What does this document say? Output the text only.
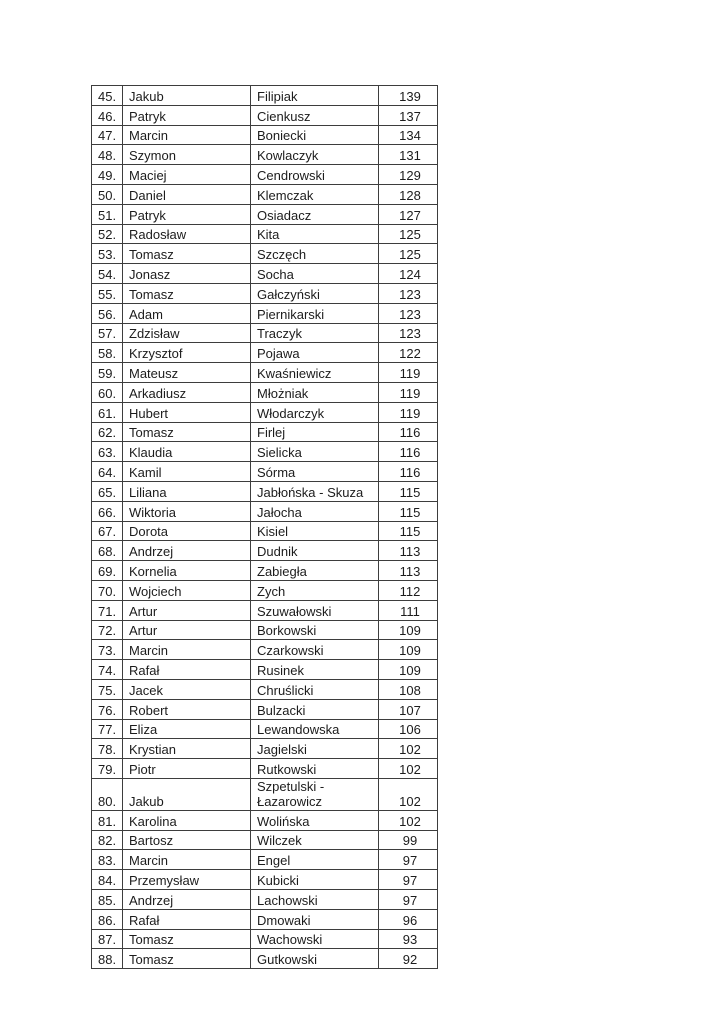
45.	Jakub	Filipiak	139
46.	Patryk	Cienkusz	137
47.	Marcin	Boniecki	134
48.	Szymon	Kowlaczyk	131
49.	Maciej	Cendrowski	129
50.	Daniel	Klemczak	128
51.	Patryk	Osiadacz	127
52.	Radosław	Kita	125
53.	Tomasz	Szczęch	125
54.	Jonasz	Socha	124
55.	Tomasz	Gałczyński	123
56.	Adam	Piernikarski	123
57.	Zdzisław	Traczyk	123
58.	Krzysztof	Pojawa	122
59.	Mateusz	Kwaśniewicz	119
60.	Arkadiusz	Młożniak	119
61.	Hubert	Włodarczyk	119
62.	Tomasz	Firlej	116
63.	Klaudia	Sielicka	116
64.	Kamil	Sórma	116
65.	Liliana	Jabłońska - Skuza	115
66.	Wiktoria	Jałocha	115
67.	Dorota	Kisiel	115
68.	Andrzej	Dudnik	113
69.	Kornelia	Zabiegła	113
70.	Wojciech	Zych	112
71.	Artur	Szuwałowski	111
72.	Artur	Borkowski	109
73.	Marcin	Czarkowski	109
74.	Rafał	Rusinek	109
75.	Jacek	Chruślicki	108
76.	Robert	Bulzacki	107
77.	Eliza	Lewandowska	106
78.	Krystian	Jagielski	102
79.	Piotr	Rutkowski	102
80.	Jakub	Szpetulski - Łazarowicz	102
81.	Karolina	Wolińska	102
82.	Bartosz	Wilczek	99
83.	Marcin	Engel	97
84.	Przemysław	Kubicki	97
85.	Andrzej	Lachowski	97
86.	Rafał	Dmowaki	96
87.	Tomasz	Wachowski	93
88.	Tomasz	Gutkowski	92
